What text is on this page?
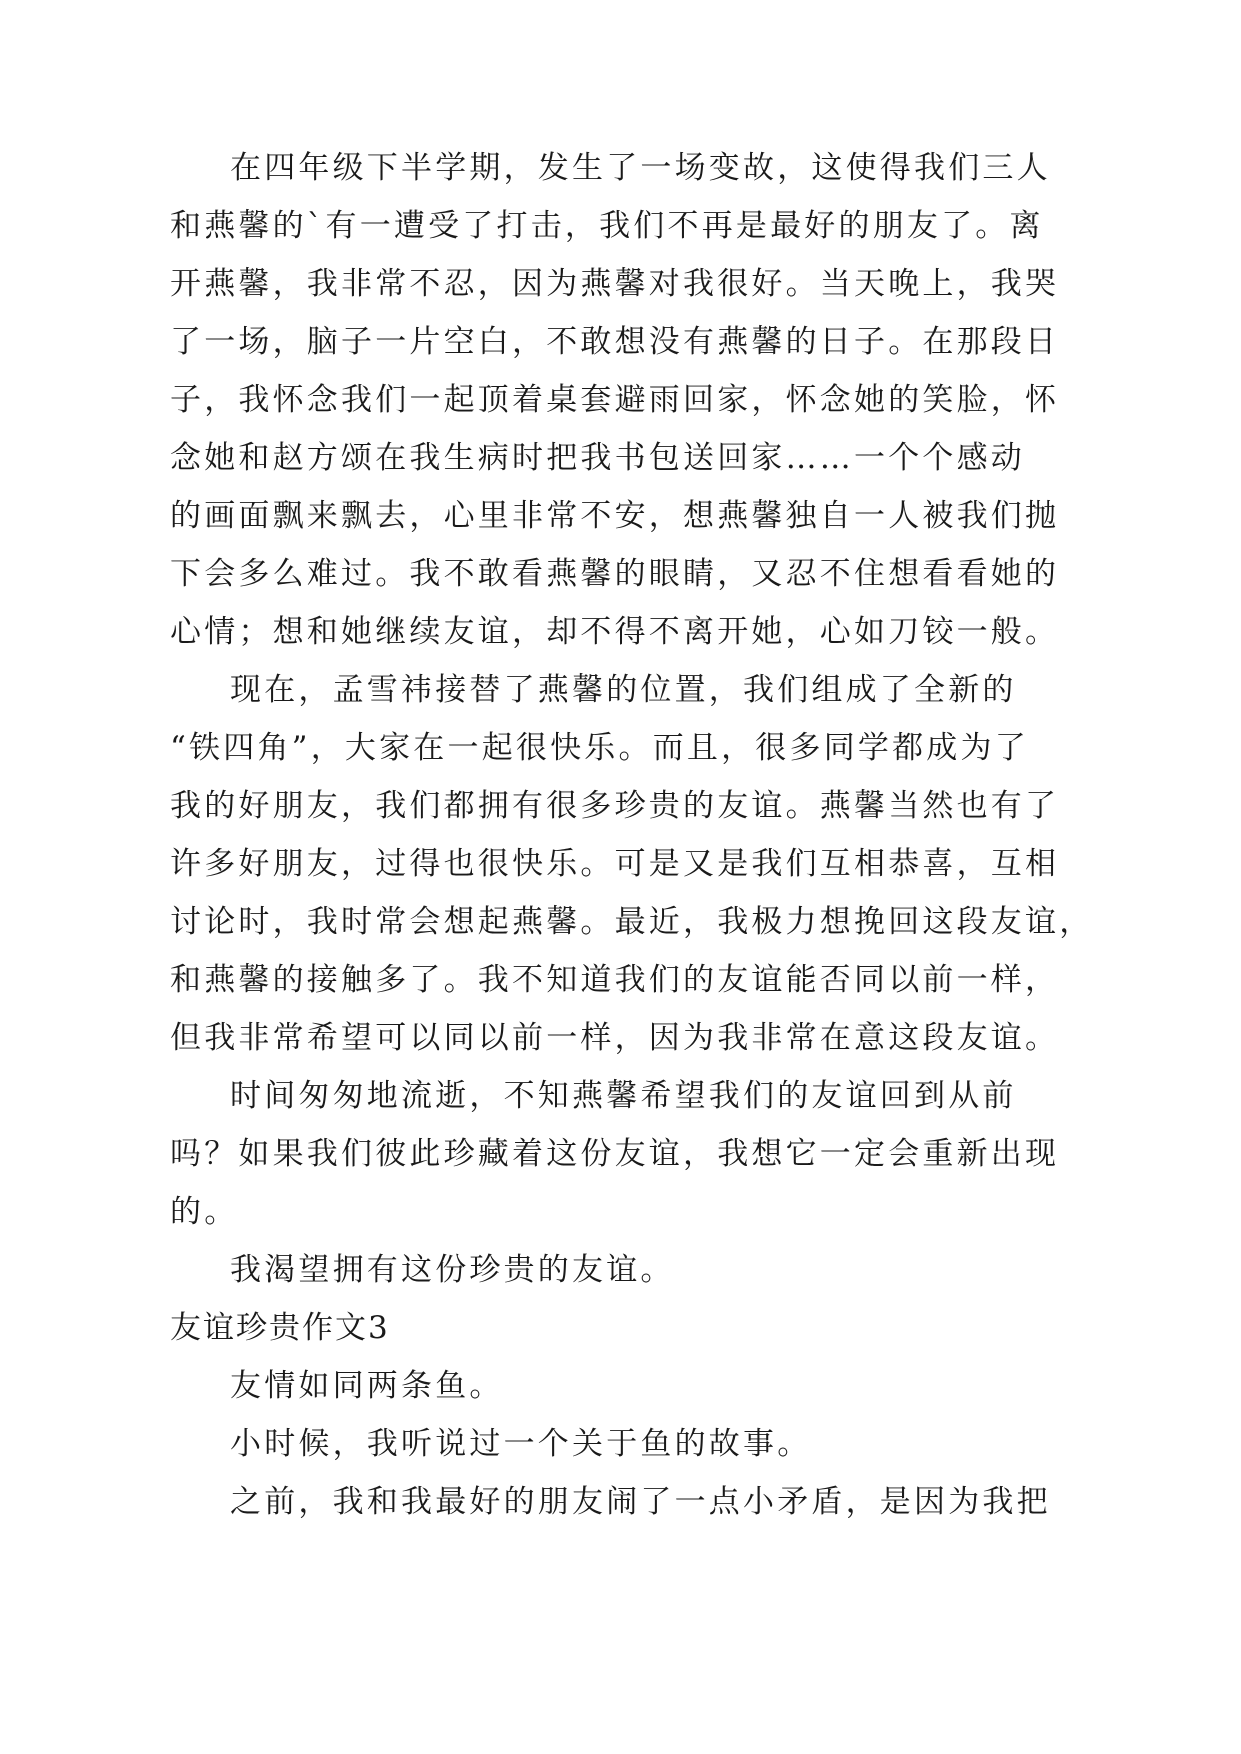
在四年级下半学期，发生了一场变故，这使得我们三人
和燕馨的`有一遭受了打击，我们不再是最好的朋友了。离
开燕馨，我非常不忍，因为燕馨对我很好。当天晚上，我哭
了一场，脑子一片空白，不敢想没有燕馨的日子。在那段日
子，我怀念我们一起顶着桌套避雨回家，怀念她的笑脸，怀
念她和赵方颂在我生病时把我书包送回家……一个个感动
的画面飘来飘去，心里非常不安，想燕馨独自一人被我们抛
下会多么难过。我不敢看燕馨的眼睛，又忍不住想看看她的
心情；想和她继续友谊，却不得不离开她，心如刀铰一般。
现在，孟雪祎接替了燕馨的位置，我们组成了全新的
“铁四角”，大家在一起很快乐。而且，很多同学都成为了
我的好朋友，我们都拥有很多珍贵的友谊。燕馨当然也有了
许多好朋友，过得也很快乐。可是又是我们互相恭喜，互相
讨论时，我时常会想起燕馨。最近，我极力想挽回这段友谊，
和燕馨的接触多了。我不知道我们的友谊能否同以前一样，
但我非常希望可以同以前一样，因为我非常在意这段友谊。
时间匆匆地流逝，不知燕馨希望我们的友谊回到从前
吗？如果我们彼此珍藏着这份友谊，我想它一定会重新出现
的。
我渴望拥有这份珍贵的友谊。
友谊珍贵作文3
友情如同两条鱼。
小时候，我听说过一个关于鱼的故事。
之前，我和我最好的朋友闹了一点小矛盾，是因为我把
